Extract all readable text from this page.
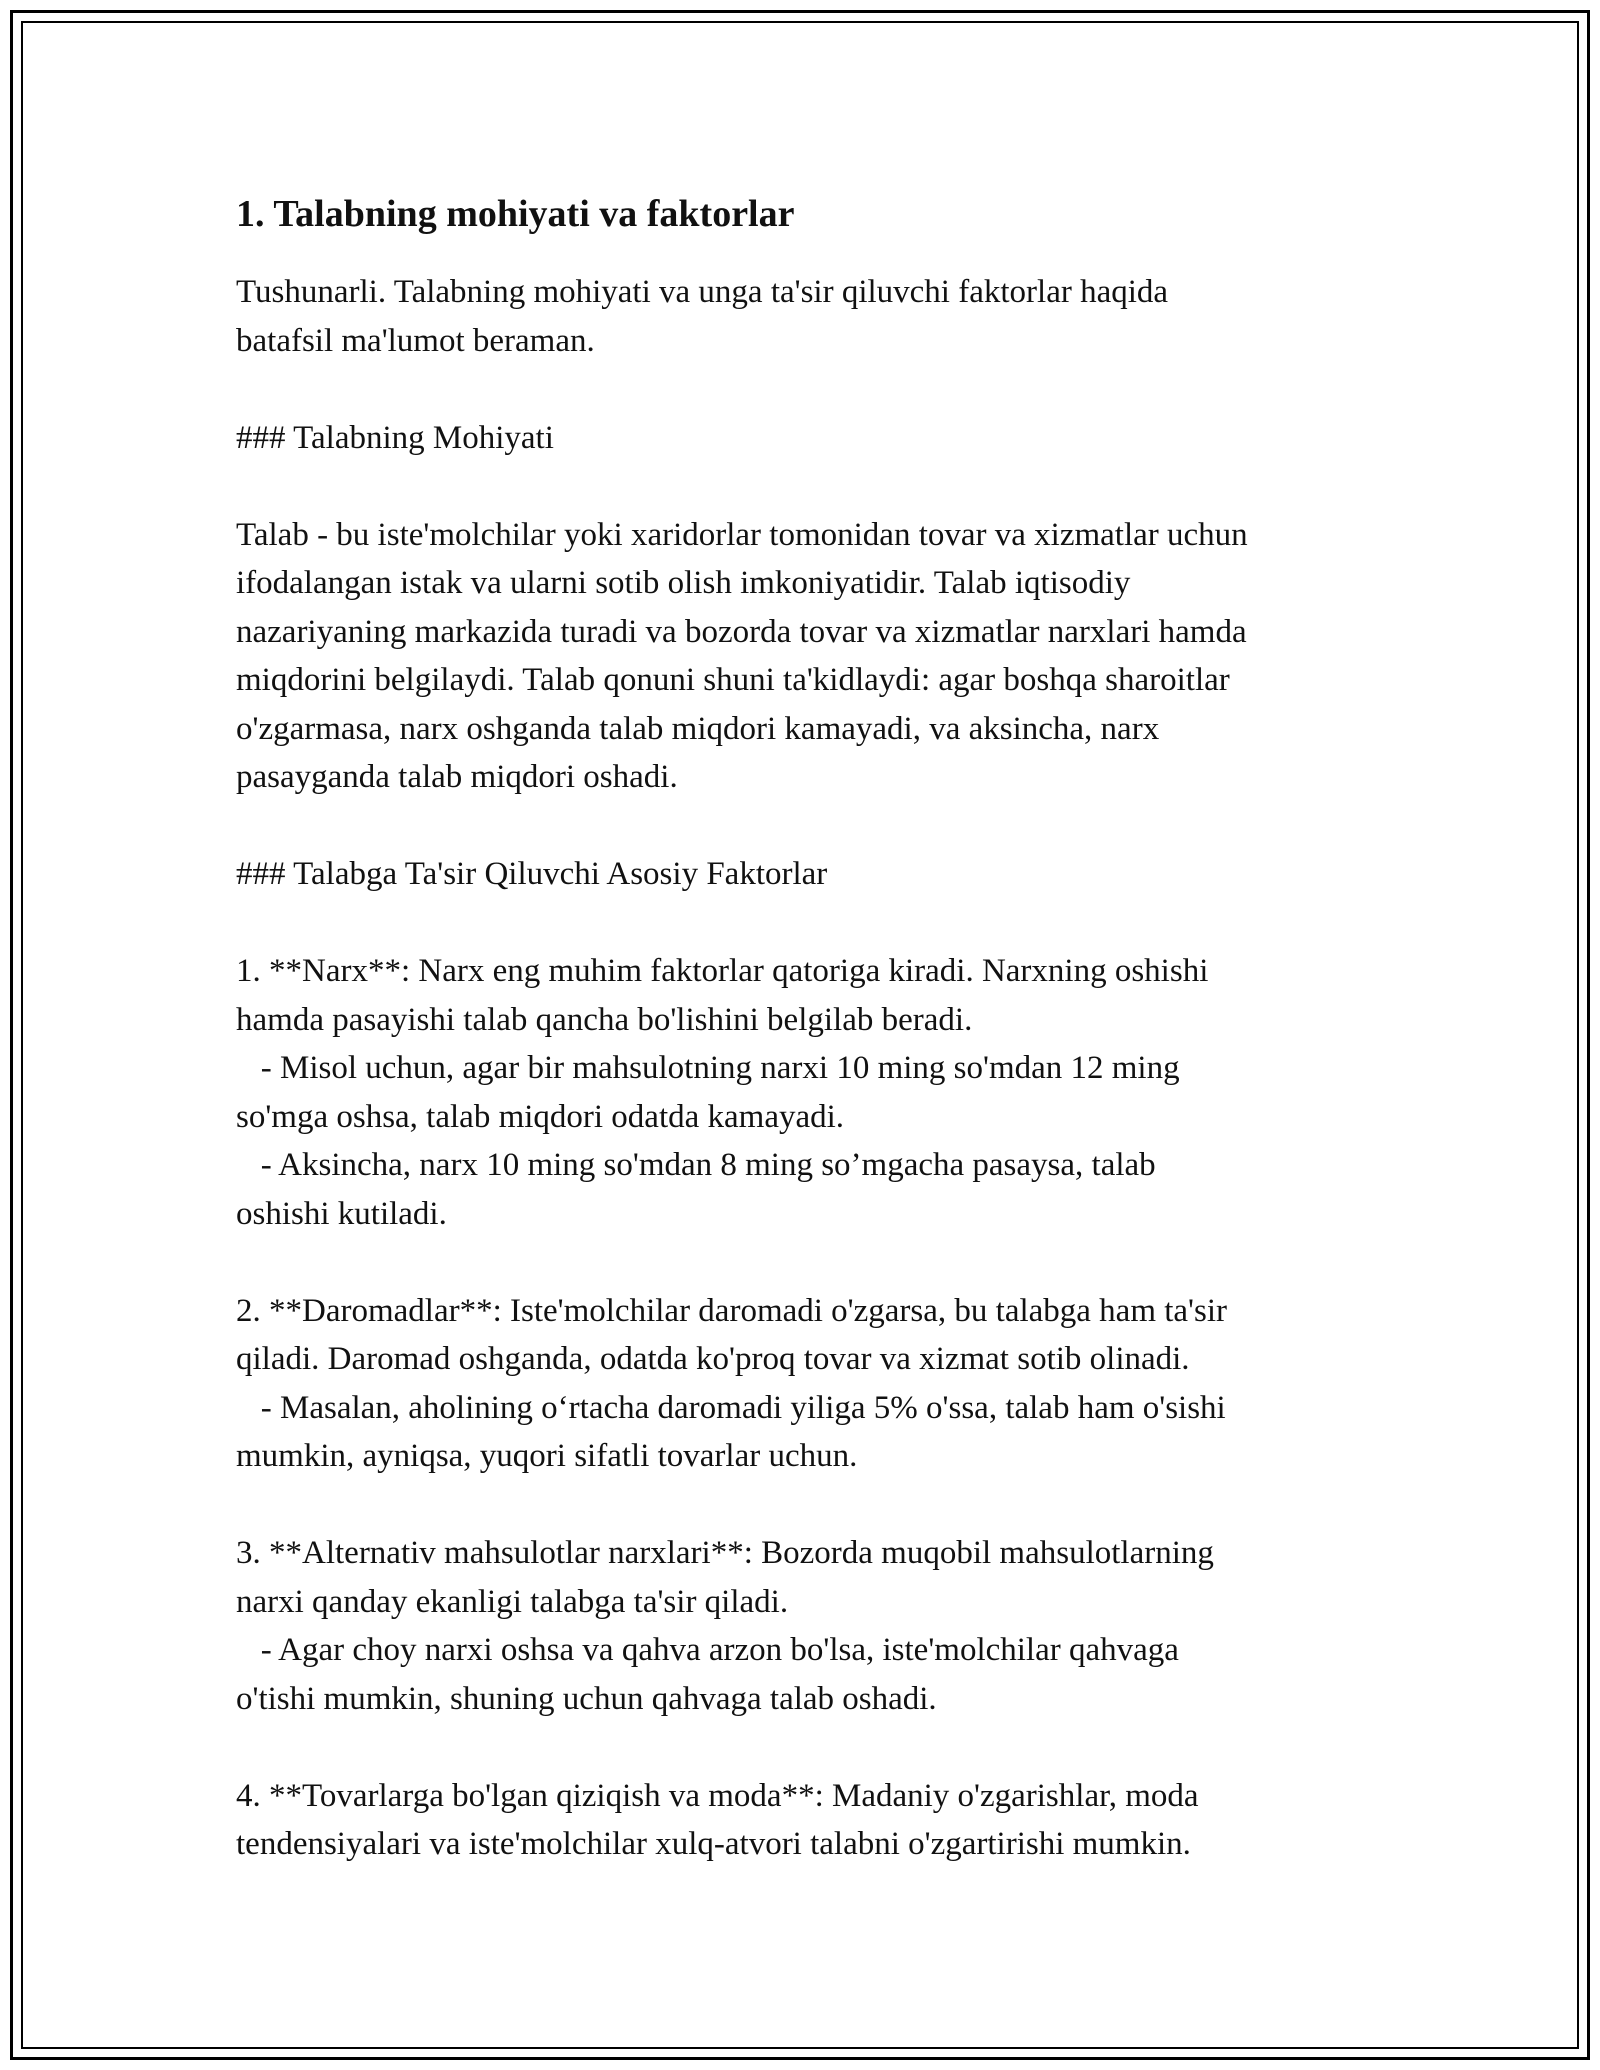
1. Talabning mohiyati va faktorlar
Tushunarli. Talabning mohiyati va unga ta'sir qiluvchi faktorlar haqida
batafsil ma'lumot beraman.
### Talabning Mohiyati
Talab - bu iste'molchilar yoki xaridorlar tomonidan tovar va xizmatlar uchun
ifodalangan istak va ularni sotib olish imkoniyatidir. Talab iqtisodiy
nazariyaning markazida turadi va bozorda tovar va xizmatlar narxlari hamda
miqdorini belgilaydi. Talab qonuni shuni ta'kidlaydi: agar boshqa sharoitlar
o'zgarmasa, narx oshganda talab miqdori kamayadi, va aksincha, narx
pasayganda talab miqdori oshadi.
### Talabga Ta'sir Qiluvchi Asosiy Faktorlar
1. **Narx**: Narx eng muhim faktorlar qatoriga kiradi. Narxning oshishi
hamda pasayishi talab qancha bo'lishini belgilab beradi.
- Misol uchun, agar bir mahsulotning narxi 10 ming so'mdan 12 ming
so'mga oshsa, talab miqdori odatda kamayadi.
- Aksincha, narx 10 ming so'mdan 8 ming so’mgacha pasaysa, talab
oshishi kutiladi.
2. **Daromadlar**: Iste'molchilar daromadi o'zgarsa, bu talabga ham ta'sir
qiladi. Daromad oshganda, odatda ko'proq tovar va xizmat sotib olinadi.
- Masalan, aholining o‘rtacha daromadi yiliga 5% o'ssa, talab ham o'sishi
mumkin, ayniqsa, yuqori sifatli tovarlar uchun.
3. **Alternativ mahsulotlar narxlari**: Bozorda muqobil mahsulotlarning
narxi qanday ekanligi talabga ta'sir qiladi.
- Agar choy narxi oshsa va qahva arzon bo'lsa, iste'molchilar qahvaga
o'tishi mumkin, shuning uchun qahvaga talab oshadi.
4. **Tovarlarga bo'lgan qiziqish va moda**: Madaniy o'zgarishlar, moda
tendensiyalari va iste'molchilar xulq-atvori talabni o'zgartirishi mumkin.
